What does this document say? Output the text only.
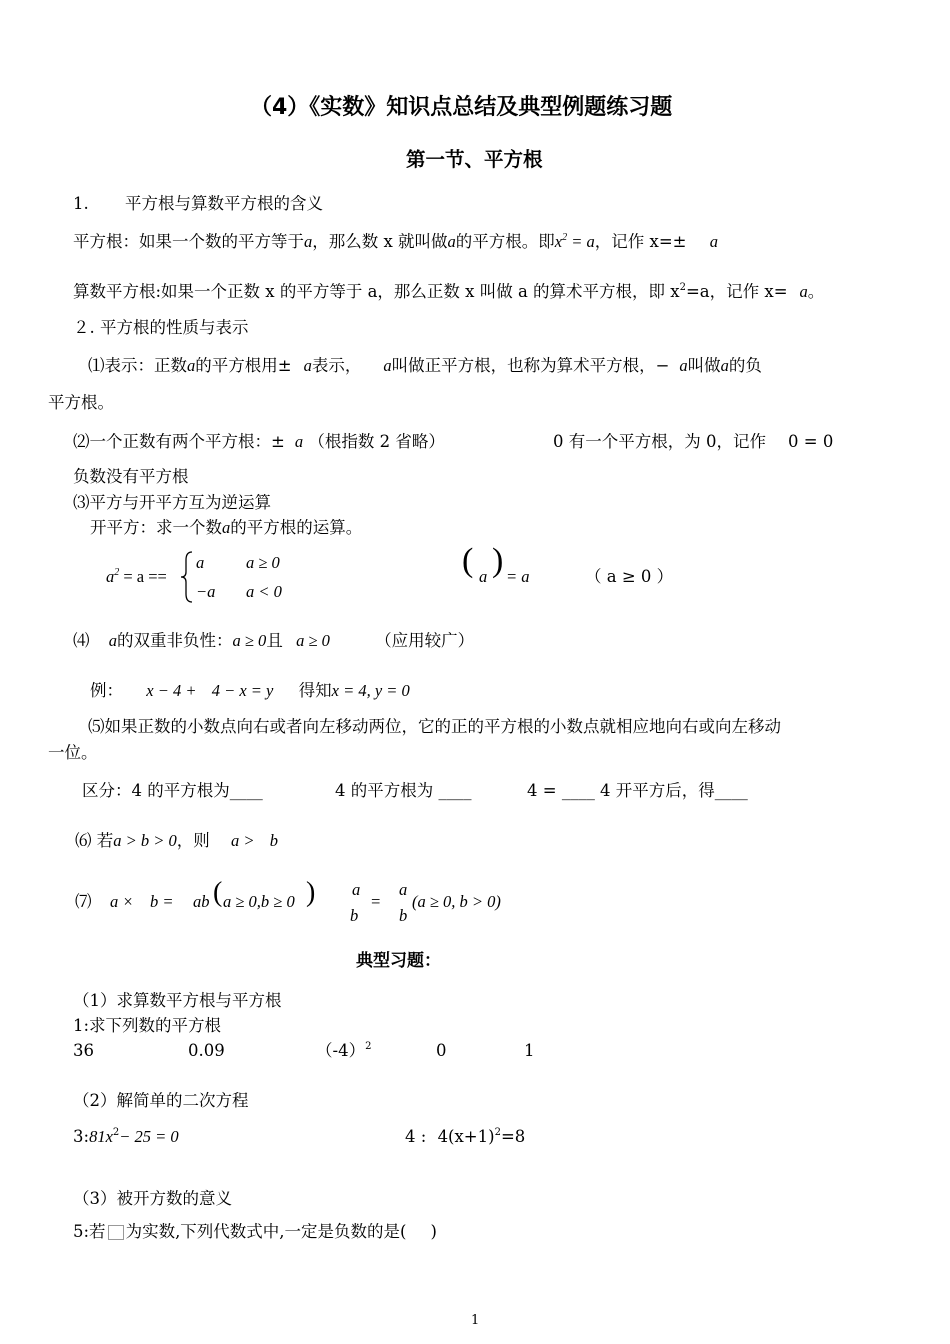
（4）《实数》知识点总结及典型例题练习题
第一节、平方根
1. 平方根与算数平方根的含义
平方根：如果一个数的平方等于a，那么数 x 就叫做a的平方根。即$x^2 = a$，记作 x=± a
算数平方根:如果一个正数 x 的平方等于 a，那么正数 x 叫做 a 的算术平方根，即 $x^2=a$，记作 x= a。
２. 平方根的性质与表示
⑴表示：正数a的平方根用± a表示， a叫做正平方根，也称为算术平方根，− a叫做a的负
平方根。
⑵一个正数有两个平方根：± a （根指数 2 省略）	0 有一个平方根，为 0，记作 0 = 0
负数没有平方根
⑶平方与开平方互为逆运算
开平方：求一个数a的平方根的运算。
$a^2 = a$ ==
a	a ≥ 0
−a a < 0
( )
a = a	（ a ≥ 0 ）
⑷ a的双重非负性：a ≥ 0且 a ≥ 0	（应用较广）
例： x − 4 + 4 − x = y 得知x = 4, y = 0
⑸如果正数的小数点向右或者向左移动两位，它的正的平方根的小数点就相应地向右或向左移动
一位。
区分：4 的平方根为____	4 的平方根为 ____	4 = ____ 4 开平方后，得____
⑹ 若a > b > 0，则 a > b
⑺ a × b = ab ( a ≥ 0,b ≥ 0 ) a
b
=
a
b
(a ≥ 0, b > 0)
典型习题：
（1）求算数平方根与平方根
1:求下列数的平方根
36	0.09	$(-4)^2$	0	1
（2）解简单的二次方程
$3:81x^2- 25 = 0$	4 : $4(x+1)^2=8$
（3）被开方数的意义
5:若 为实数,下列代数式中,一定是负数的是( )
1
